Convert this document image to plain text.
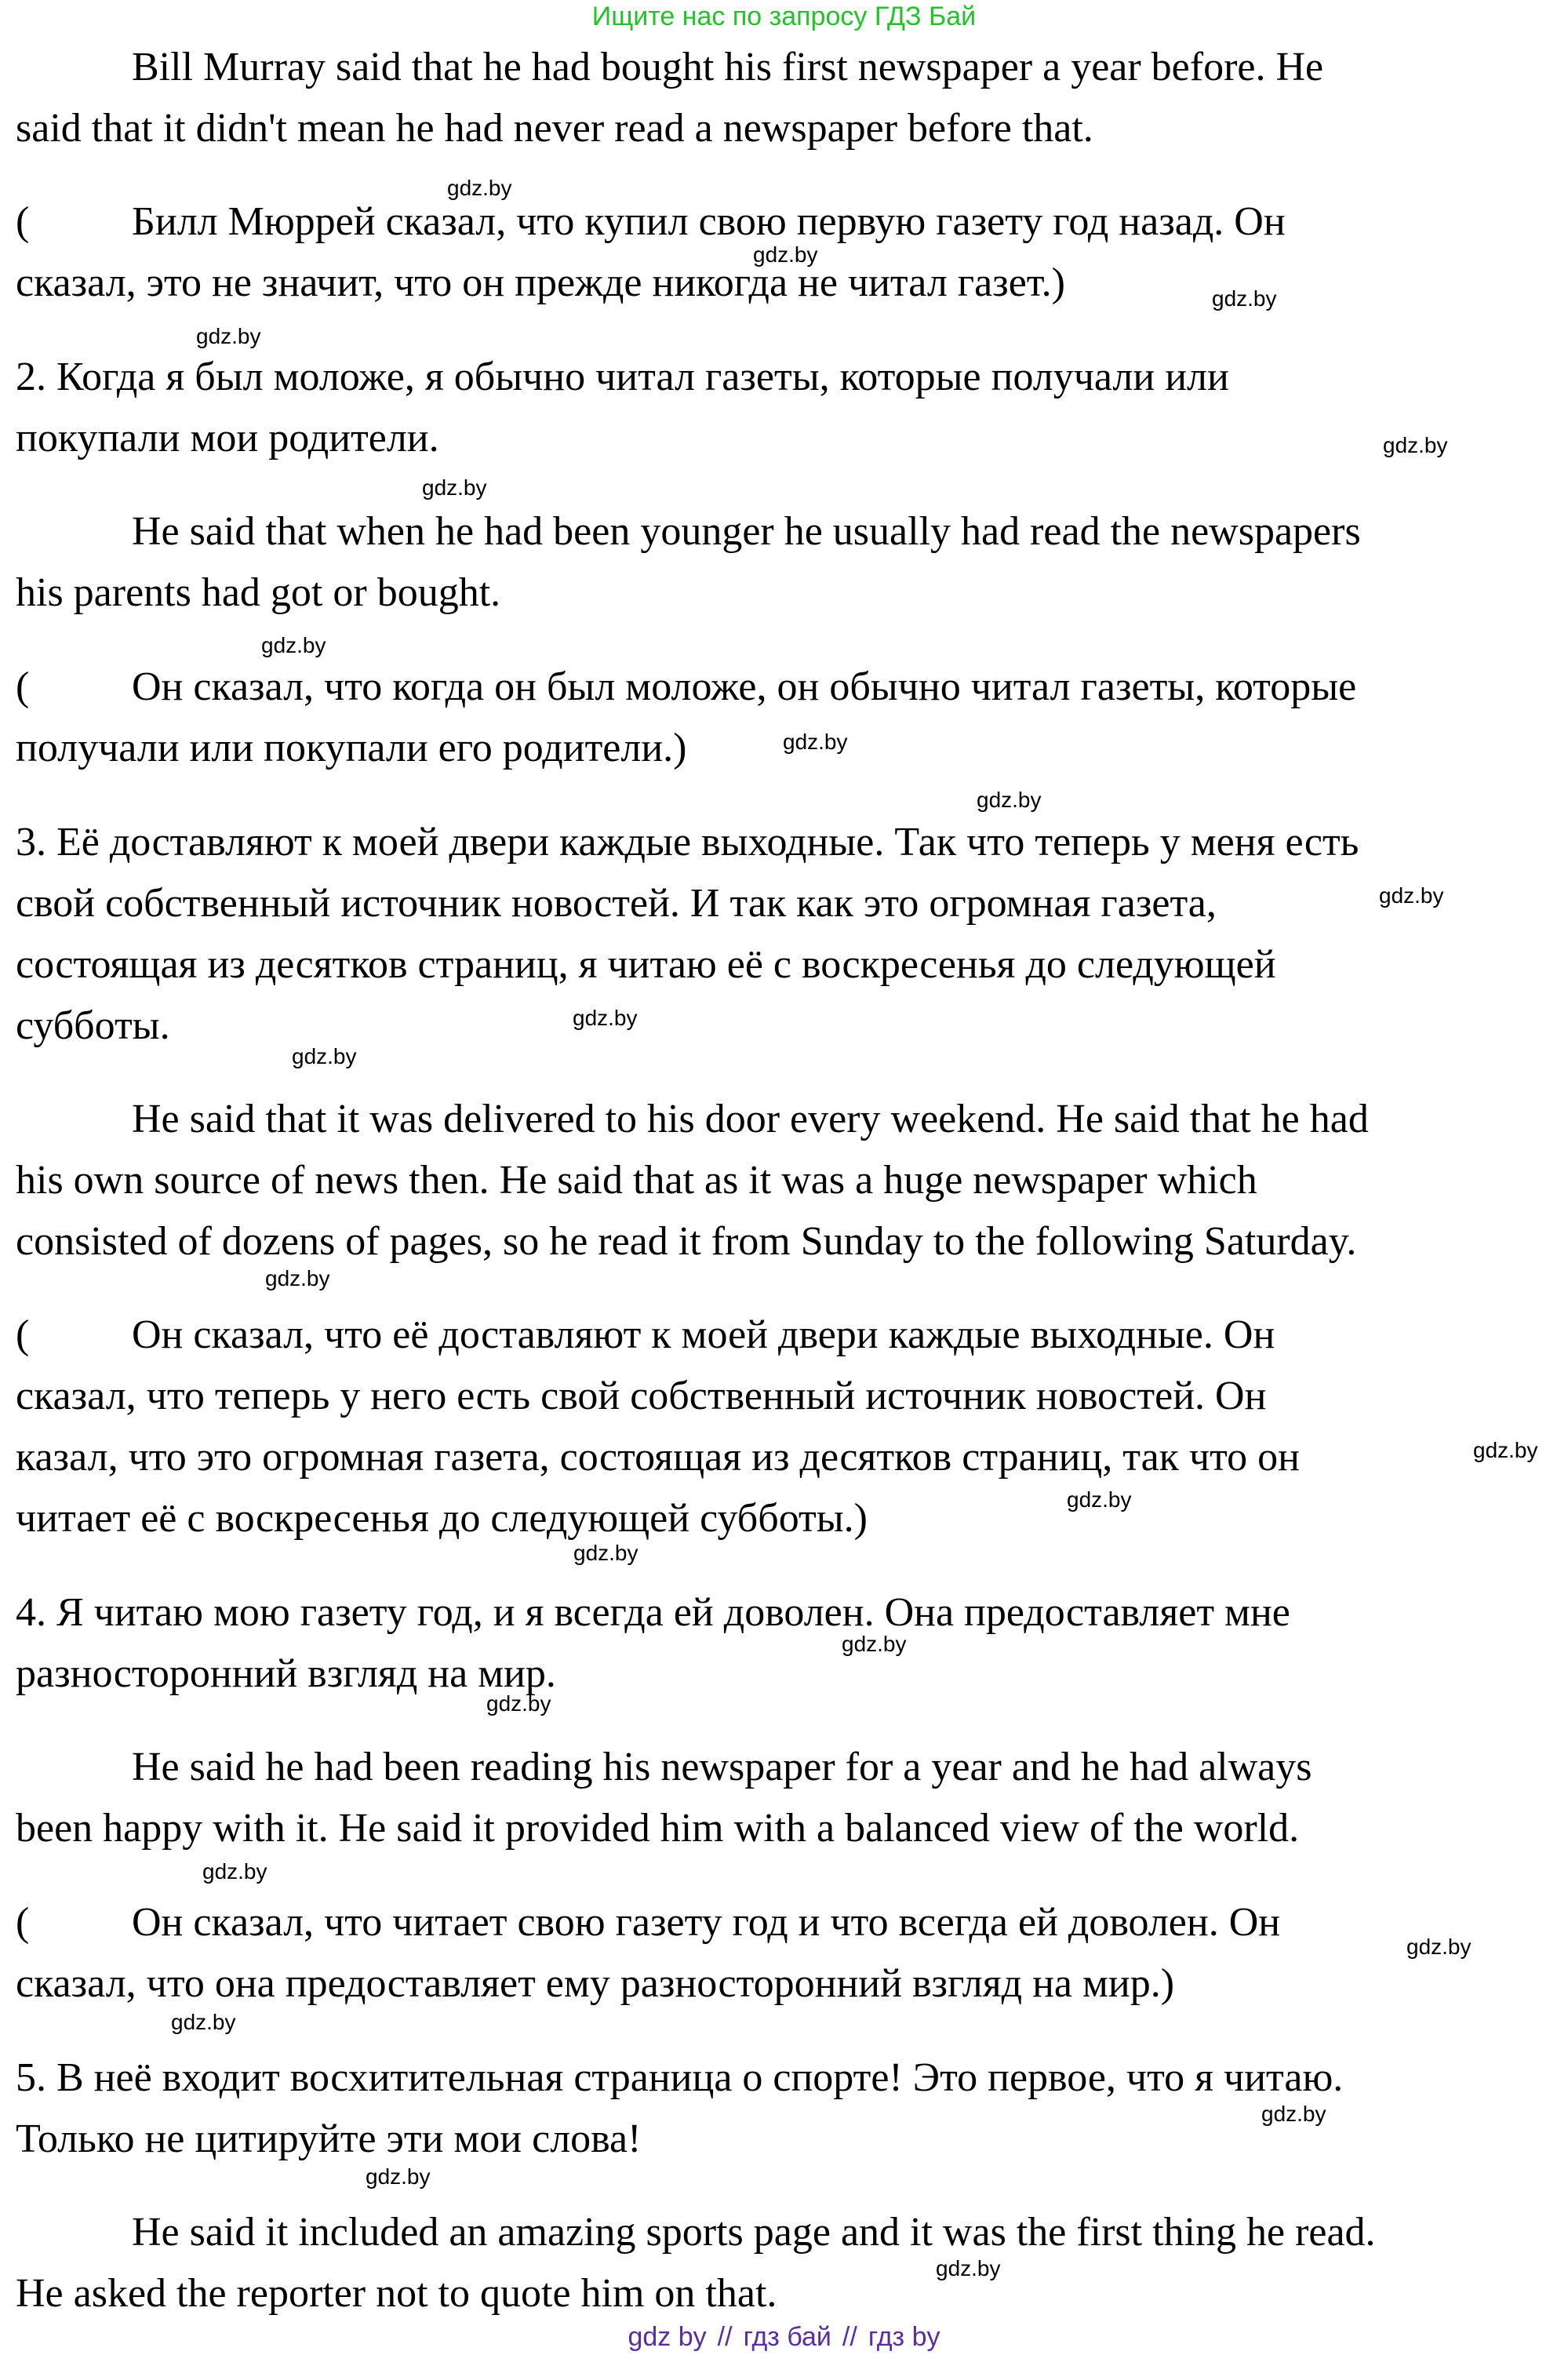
Ищите нас по запросу ГДЗ Бай
Bill Murray said that he had bought his first newspaper a year before. He
said that it didn't mean he had never read a newspaper before that.
(	Билл Мюррей сказал, что купил свою первую газету год назад. Он
сказал, это не значит, что он прежде никогда не читал газет.)
2. Когда я был моложе, я обычно читал газеты, которые получали или
покупали мои родители.
He said that when he had been younger he usually had read the newspapers
his parents had got or bought.
(	Он сказал, что когда он был моложе, он обычно читал газеты, которые
получали или покупали его родители.)
3. Её доставляют к моей двери каждые выходные. Так что теперь у меня есть
свой собственный источник новостей. И так как это огромная газета,
состоящая из десятков страниц, я читаю её с воскресенья до следующей
субботы.
He said that it was delivered to his door every weekend. He said that he had
his own source of news then. He said that as it was a huge newspaper which
consisted of dozens of pages, so he read it from Sunday to the following Saturday.
(	Он сказал, что её доставляют к моей двери каждые выходные. Он
сказал, что теперь у него есть свой собственный источник новостей. Он
казал, что это огромная газета, состоящая из десятков страниц, так что он
читает её с воскресенья до следующей субботы.)
4. Я читаю мою газету год, и я всегда ей доволен. Она предоставляет мне
разносторонний взгляд на мир.
He said he had been reading his newspaper for a year and he had always
been happy with it. He said it provided him with a balanced view of the world.
(	Он сказал, что читает свою газету год и что всегда ей доволен. Он
сказал, что она предоставляет ему разносторонний взгляд на мир.)
5. В неё входит восхитительная страница о спорте! Это первое, что я читаю.
Только не цитируйте эти мои слова!
He said it included an amazing sports page and it was the first thing he read.
He asked the reporter not to quote him on that.
gdz.by
gdz.by
gdz.by
gdz.by
gdz.by
gdz.by
gdz.by
gdz.by
gdz.by
gdz.by
gdz.by
gdz.by
gdz.by
gdz.by
gdz.by
gdz.by
gdz.by
gdz.by
gdz.by
gdz.by
gdz.by
gdz.by
gdz.by
gdz.by
gdz by // гдз бай // гдз by
